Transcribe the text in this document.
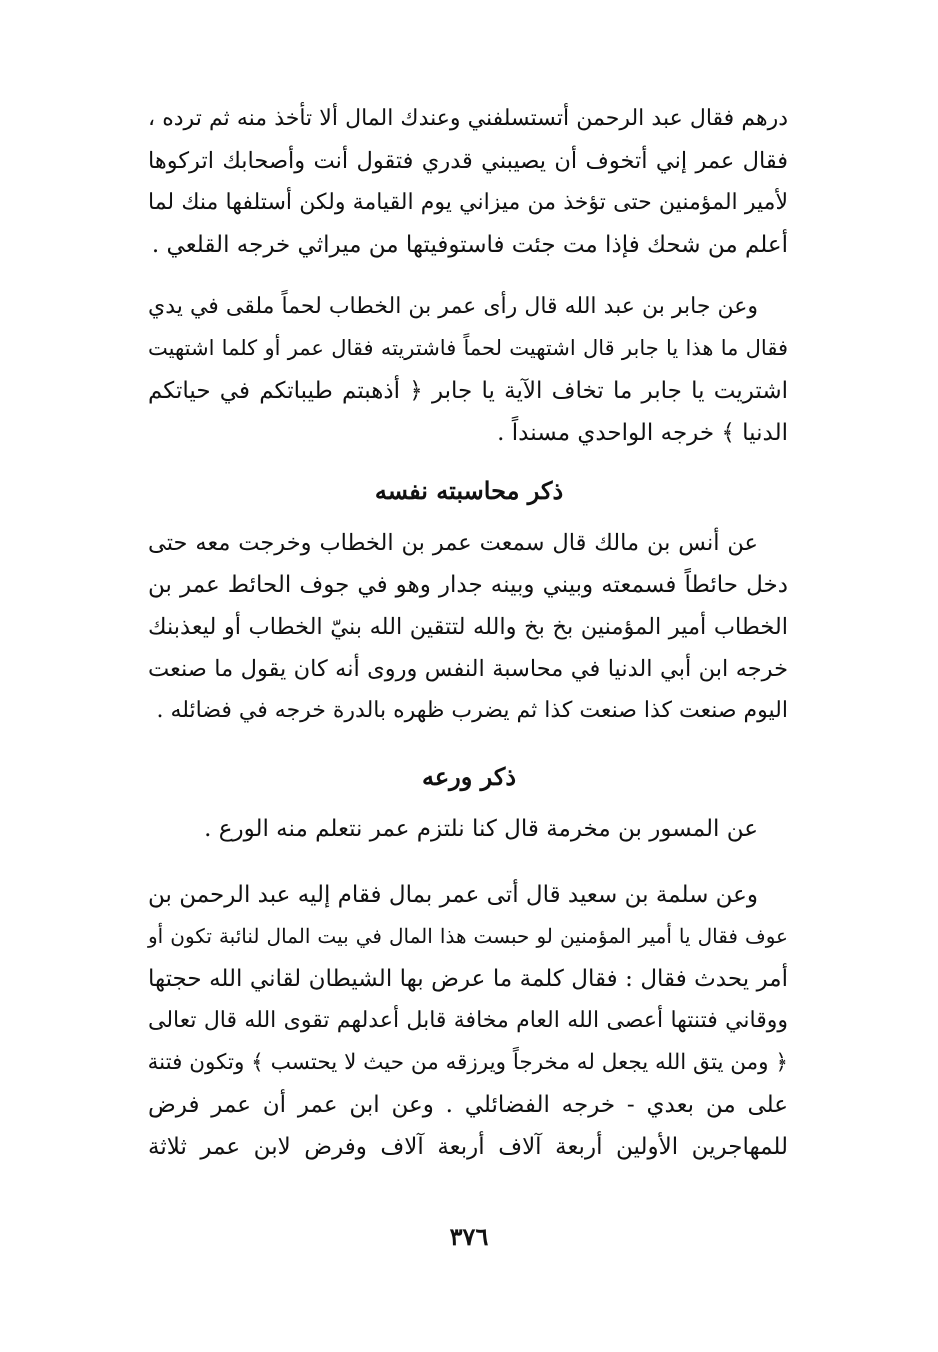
درهم فقال عبد الرحمن أتستسلفني وعندك المال ألا تأخذ منه ثم ترده ،
فقال عمر إني أتخوف أن يصيبني قدري فتقول أنت وأصحابك اتركوها
لأمير المؤمنين حتى تؤخذ من ميزاني يوم القيامة ولكن أستلفها منك لما
أعلم من شحك فإذا مت جئت فاستوفيتها من ميراثي خرجه القلعي .
وعن جابر بن عبد الله قال رأى عمر بن الخطاب لحماً ملقى في يدي
فقال ما هذا يا جابر قال اشتهيت لحماً فاشتريته فقال عمر أو كلما اشتهيت
اشتريت يا جابر ما تخاف الآية يا جابر ﴿ أذهبتم طيباتكم في حياتكم
الدنيا ﴾ خرجه الواحدي مسنداً .
ذكر محاسبته نفسه
عن أنس بن مالك قال سمعت عمر بن الخطاب وخرجت معه حتى
دخل حائطاً فسمعته وبيني وبينه جدار وهو في جوف الحائط عمر بن
الخطاب أمير المؤمنين بخ بخ والله لتتقين الله بنيّ الخطاب أو ليعذبنك
خرجه ابن أبي الدنيا في محاسبة النفس وروى أنه كان يقول ما صنعت
اليوم صنعت كذا صنعت كذا ثم يضرب ظهره بالدرة خرجه في فضائله .
ذكر ورعه
عن المسور بن مخرمة قال كنا نلتزم عمر نتعلم منه الورع .
وعن سلمة بن سعيد قال أتى عمر بمال فقام إليه عبد الرحمن بن
عوف فقال يا أمير المؤمنين لو حبست هذا المال في بيت المال لنائبة تكون أو
أمر يحدث فقال : فقال كلمة ما عرض بها الشيطان لقاني الله حجتها
ووقاني فتنتها أعصى الله العام مخافة قابل أعدلهم تقوى الله قال تعالى
﴿ ومن يتق الله يجعل له مخرجاً ويرزقه من حيث لا يحتسب ﴾ وتكون فتنة
على من بعدي - خرجه الفضائلي . وعن ابن عمر أن عمر فرض
للمهاجرين الأولين أربعة آلاف أربعة آلاف وفرض لابن عمر ثلاثة
٣٧٦
